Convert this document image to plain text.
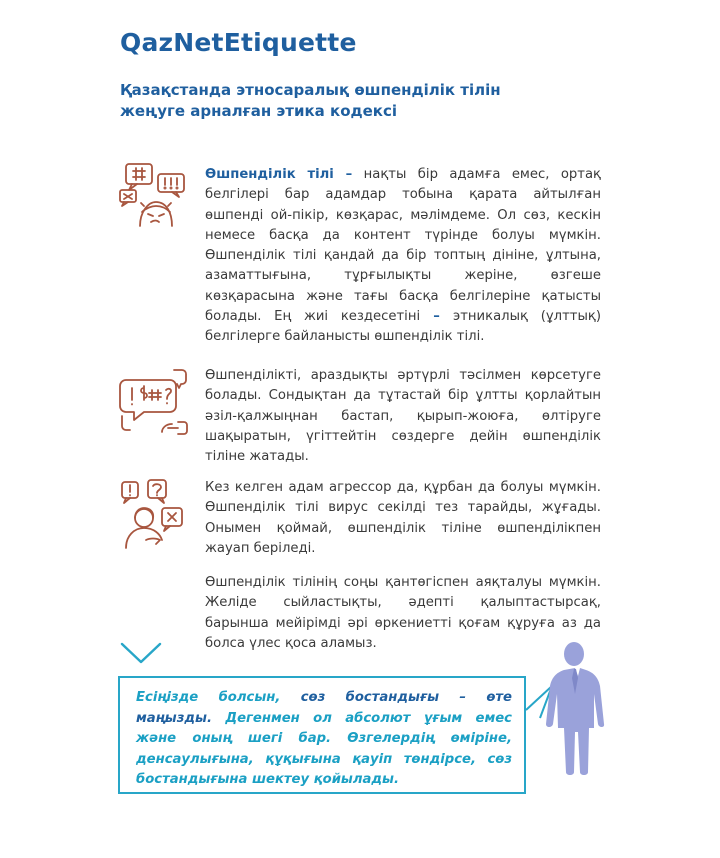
QazNetEtiquette
Қазақстанда этносаралық өшпенділік тілін жеңуге арналған этика кодексі

Өшпенділік тілі – нақты бір адамға емес, ортақ белгілері бар адамдар тобына қарата айтылған өшпенді ой-пікір, көзқарас, мәлімдеме. Ол сөз, кескін немесе басқа да контент түрінде болуы мүмкін. Өшпенділік тілі қандай да бір топтың дініне, ұлтына, азаматтығына, тұрғылықты жеріне, өзгеше көзқарасына және тағы басқа белгілеріне қатысты болады. Ең жиі кездесетіні – этникалық (ұлттық) белгілерге байланысты өшпенділік тілі.

Өшпенділікті, араздықты әртүрлі тәсілмен көрсетуге болады. Сондықтан да тұтастай бір ұлтты қорлайтын әзіл-қалжыңнан бастап, қырып-жоюға, өлтіруге шақыратын, үгіттейтін сөздерге дейін өшпенділік тіліне жатады.

Кез келген адам агрессор да, құрбан да болуы мүмкін. Өшпенділік тілі вирус секілді тез тарайды, жұғады. Онымен қоймай, өшпенділік тіліне өшпенділікпен жауап беріледі.

Өшпенділік тілінің соңы қантөгіспен аяқталуы мүмкін. Желіде сыйластықты, әдепті қалыптастырсақ, барынша мейірімді әрі өркениетті қоғам құруға аз да болса үлес қоса аламыз.

Есіңізде болсын, сөз бостандығы – өте маңызды. Дегенмен ол абсолют ұғым емес және оның шегі бар. Өзгелердің өміріне, денсаулығына, құқығына қауіп төндірсе, сөз бостандығына шектеу қойылады.
